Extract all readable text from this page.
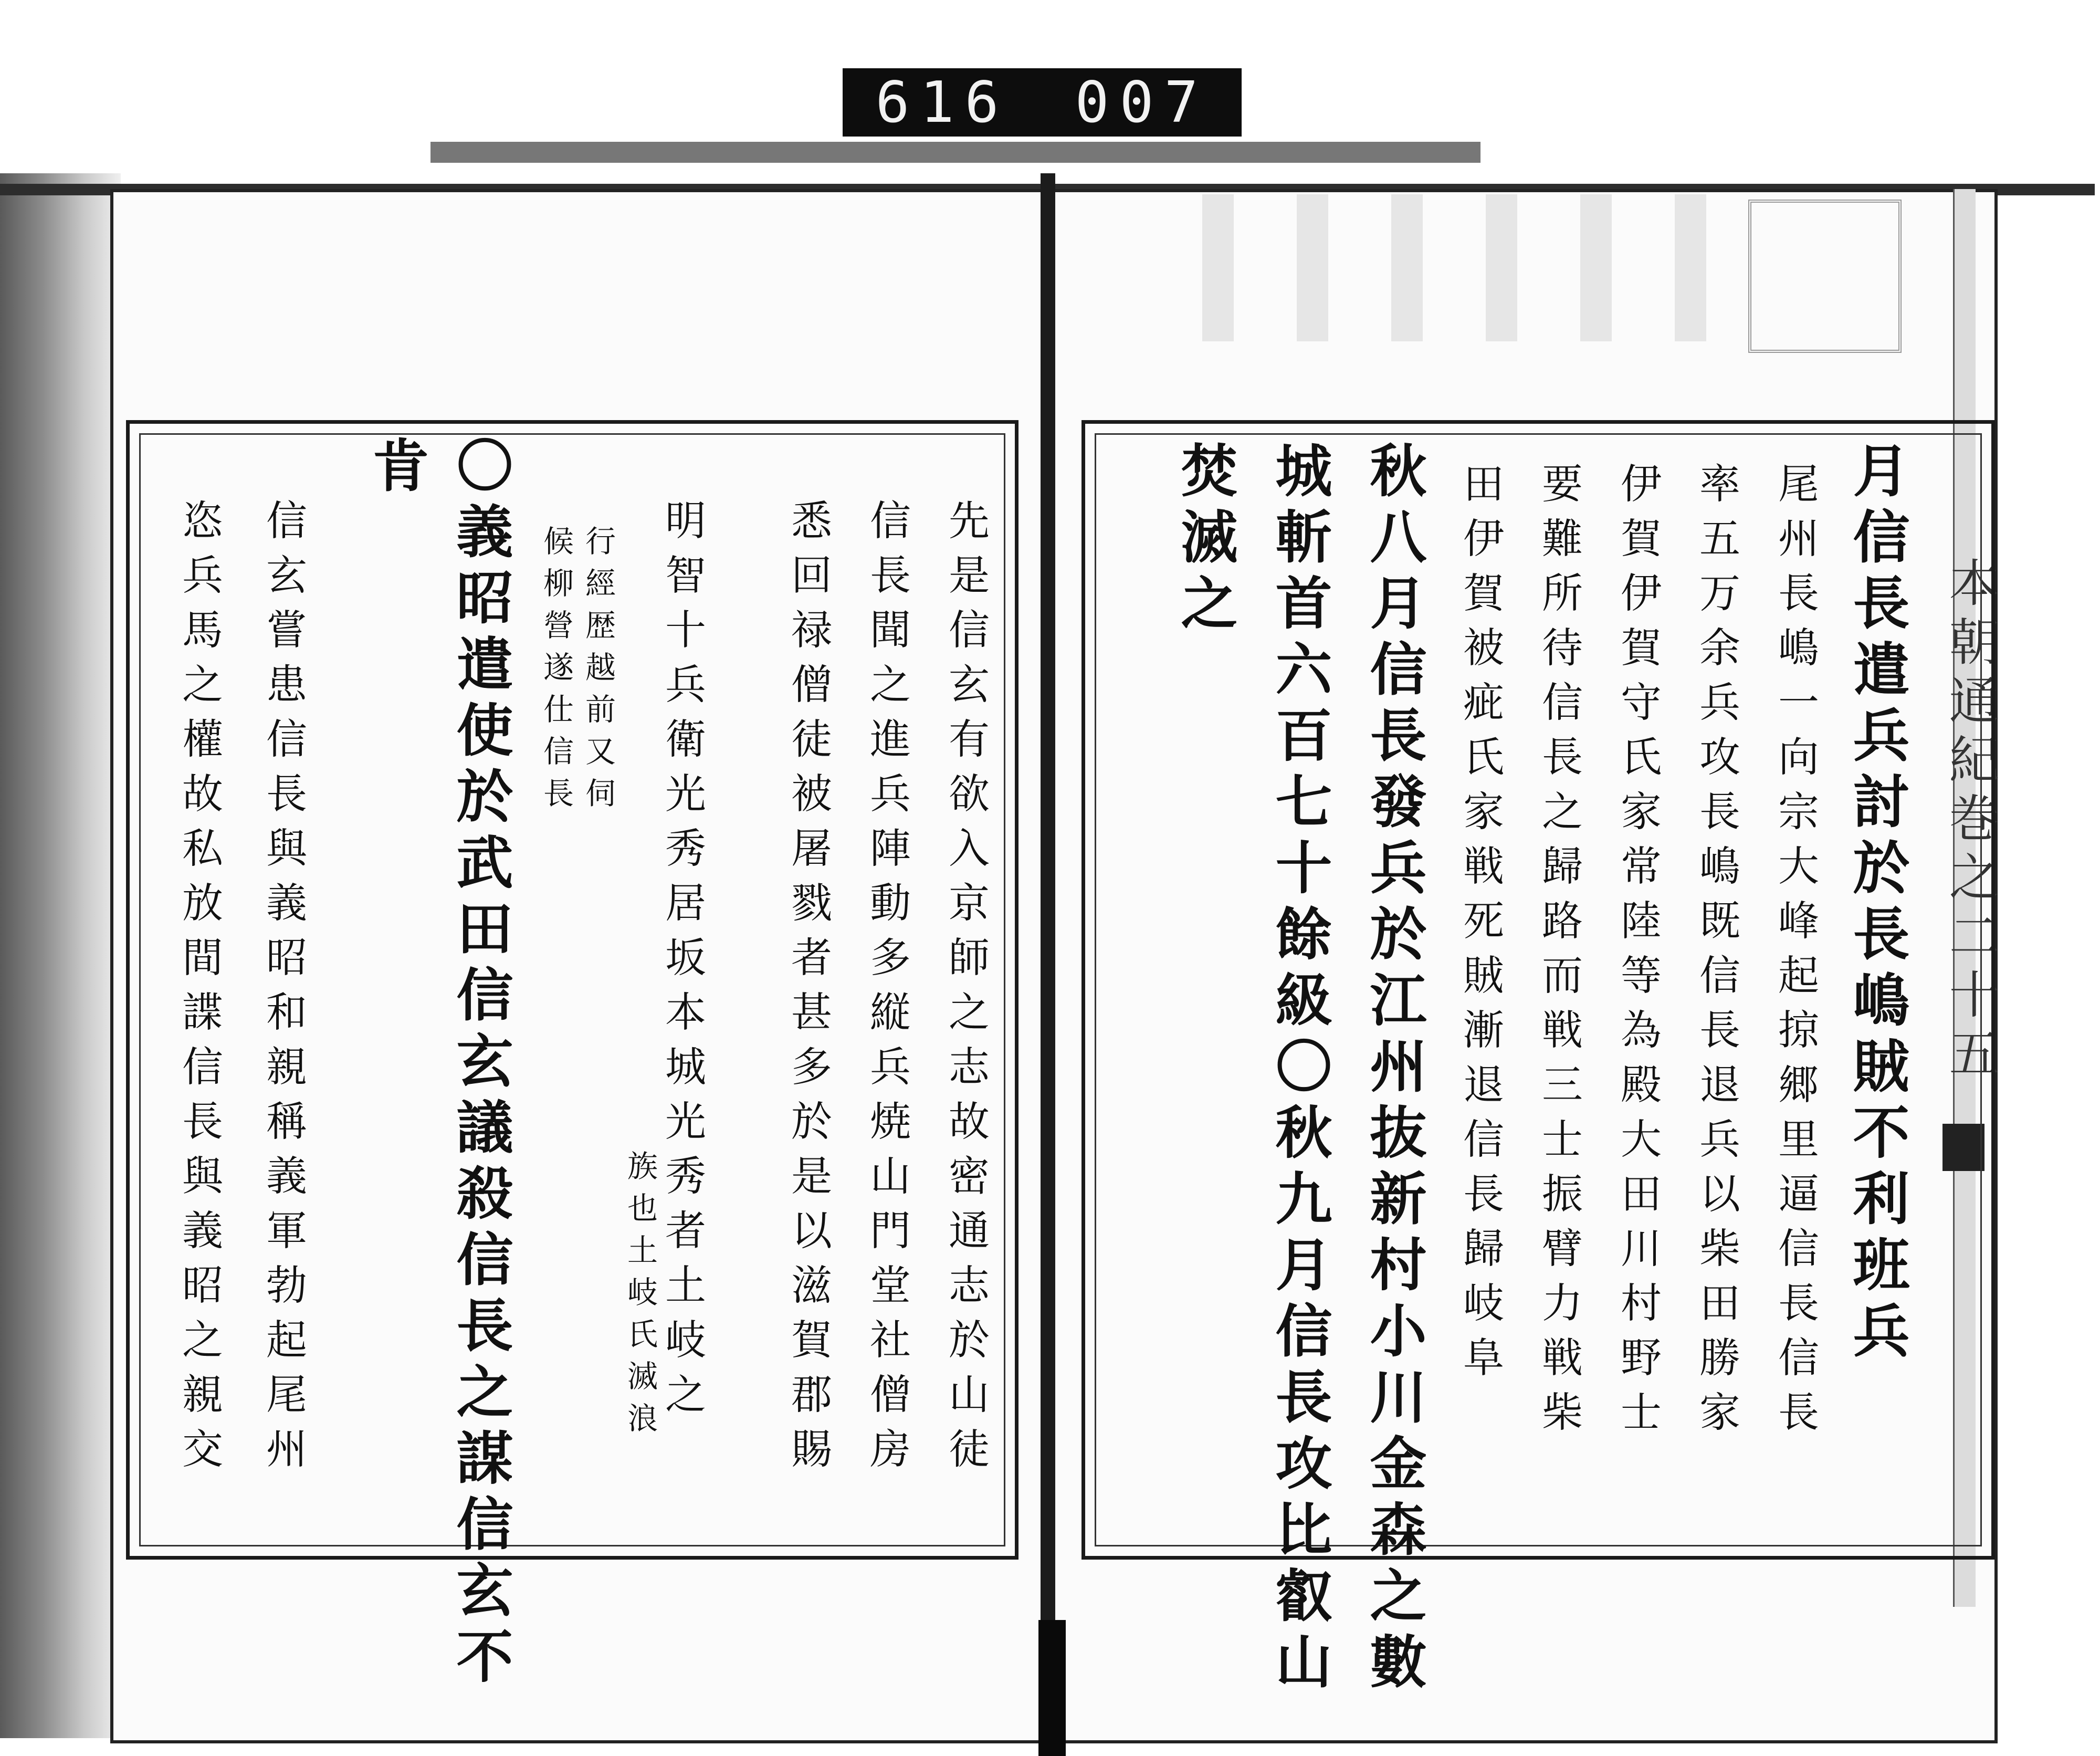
616 007
本朝通紀巻之二十五
月信長遣兵討於長嶋賊不利班兵
尾州長嶋一向宗大峰起掠郷里逼信長信長
率五万余兵攻長嶋既信長退兵以柴田勝家
伊賀伊賀守氏家常陸等為殿大田川村野士
要難所待信長之歸路而戦三士振臂力戦柴
田伊賀被疵氏家戦死賊漸退信長歸岐阜
秋八月信長發兵於江州抜新村小川金森之數
城斬首六百七十餘級〇秋九月信長攻比叡山
焚滅之
先是信玄有欲入京師之志故密通志於山徒
信長聞之進兵陣動多縦兵焼山門堂社僧房
悉回禄僧徒被屠戮者甚多於是以滋賀郡賜
明智十兵衛光秀居坂本城光秀者土岐之
族也土岐氏滅浪
行經歴越前又伺
候柳營遂仕信長
〇義昭遣使於武田信玄議殺信長之謀信玄不
肯
信玄嘗患信長與義昭和親稱義軍勃起尾州
恣兵馬之權故私放間諜信長與義昭之親交
